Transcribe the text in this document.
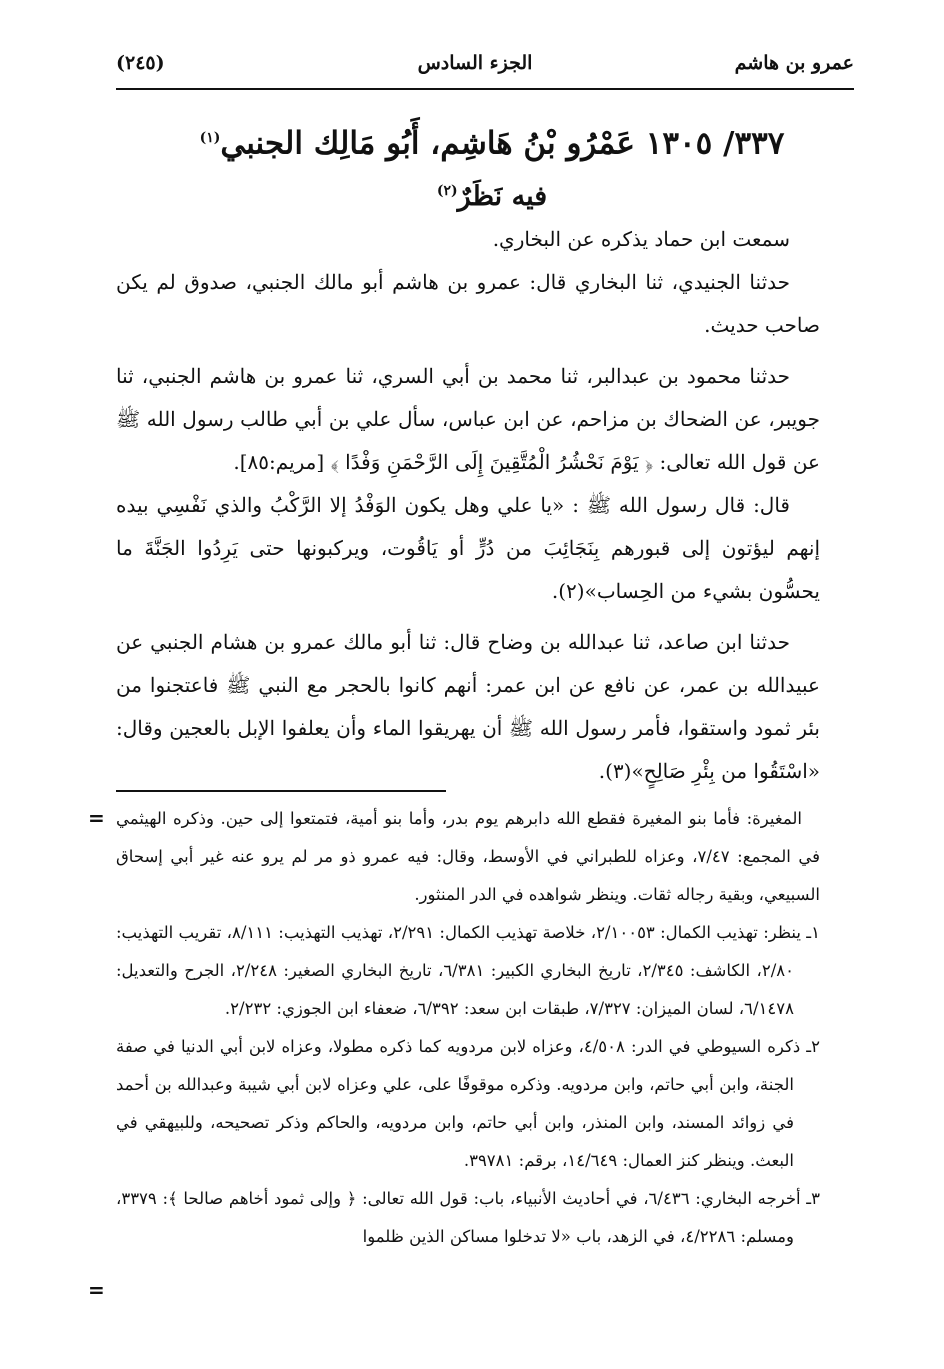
عمرو بن هاشم
الجزء السادس
(٢٤٥)
٣٣٧/ ١٣٠٥ عَمْرُو بْنُ هَاشِم، أَبُو مَالِك الجنبي$^{(١)}$
فيه نَظَرٌ$^{(٢)}$

سمعت ابن حماد يذكره عن البخاري.

حدثنا الجنيدي، ثنا البخاري قال: عمرو بن هاشم أبو مالك الجنبي، صدوق لم يكن صاحب حديث.

حدثنا محمود بن عبدالبر، ثنا محمد بن أبي السري، ثنا عمرو بن هاشم الجنبي، ثنا جويبر، عن الضحاك بن مزاحم، عن ابن عباس، سأل علي بن أبي طالب رسول الله ﷺ عن قول الله تعالى: ﴿ يَوْمَ نَحْشُرُ الْمُتَّقِينَ إِلَى الرَّحْمَنِ وَفْدًا ﴾ [مريم:٨٥].

قال: قال رسول الله ﷺ : «يا علي وهل يكون الوَفْدُ إلا الرَّكْبُ والذي نَفْسِي بيده إنهم ليؤتون إلى قبورهم بِنَجَائِبَ من دُرٍّ أو يَاقُوت، ويركبونها حتى يَرِدُوا الجَنَّةَ ما يحسُّون بشيء من الحِساب»(٢).

حدثنا ابن صاعد، ثنا عبدالله بن وضاح قال: ثنا أبو مالك عمرو بن هشام الجنبي عن عبيدالله بن عمر، عن نافع عن ابن عمر: أنهم كانوا بالحجر مع النبي ﷺ فاعتجنوا من بئر ثمود واستقوا، فأمر رسول الله ﷺ أن يهريقوا الماء وأن يعلفوا الإبل بالعجين وقال: «اسْتَقُوا من بِئْرِ صَالِحٍ»(٣).

= المغيرة: فأما بنو المغيرة فقطع الله دابرهم يوم بدر، وأما بنو أمية، فتمتعوا إلى حين. وذكره الهيثمي في المجمع: ٧/٤٧، وعزاه للطبراني في الأوسط، وقال: فيه عمرو ذو مر لم يرو عنه غير أبي إسحاق السبيعي، وبقية رجاله ثقات. وينظر شواهده في الدر المنثور.

١ـ ينظر: تهذيب الكمال: ٢/١٠٠٥٣، خلاصة تهذيب الكمال: ٢/٢٩١، تهذيب التهذيب: ٨/١١١، تقريب التهذيب: ٢/٨٠، الكاشف: ٢/٣٤٥، تاريخ البخاري الكبير: ٦/٣٨١، تاريخ البخاري الصغير: ٢/٢٤٨، الجرح والتعديل: ٦/١٤٧٨، لسان الميزان: ٧/٣٢٧، طبقات ابن سعد: ٦/٣٩٢، ضعفاء ابن الجوزي: ٢/٢٣٢.

٢ـ ذكره السيوطي في الدر: ٤/٥٠٨، وعزاه لابن مردويه كما ذكره مطولا، وعزاه لابن أبي الدنيا في صفة الجنة، وابن أبي حاتم، وابن مردويه. وذكره موقوفًا على، علي وعزاه لابن أبي شيبة وعبدالله بن أحمد في زوائد المسند، وابن المنذر، وابن أبي حاتم، وابن مردويه، والحاكم وذكر تصحيحه، وللبيهقي في البعث. وينظر كنز العمال: ١٤/٦٤٩، برقم: ٣٩٧٨١.

٣ـ أخرجه البخاري: ٦/٤٣٦، في أحاديث الأنبياء، باب: قول الله تعالى: ﴿ وإلى ثمود أخاهم صالحا ﴾: ٣٣٧٩، ومسلم: ٤/٢٢٨٦، في الزهد، باب «لا تدخلوا مساكن الذين ظلموا

=
